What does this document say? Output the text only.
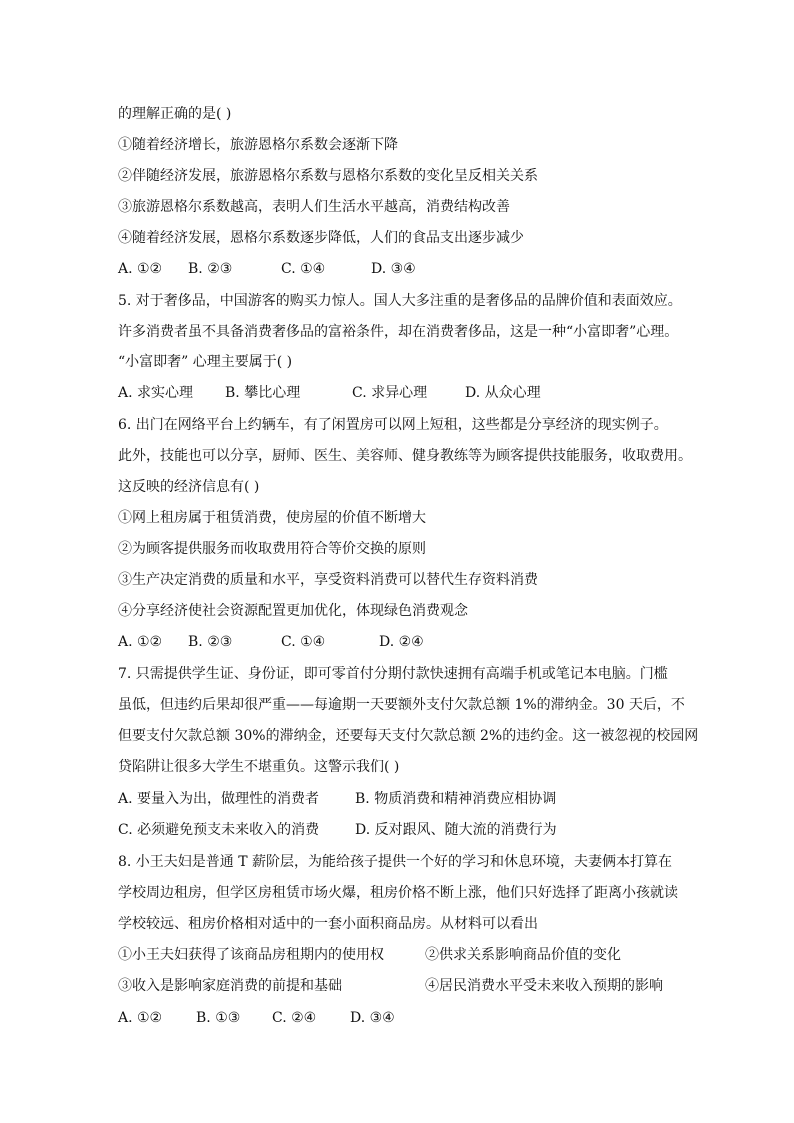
的理解正确的是( )
①随着经济增长，旅游恩格尔系数会逐渐下降
②伴随经济发展，旅游恩格尔系数与恩格尔系数的变化呈反相关关系
③旅游恩格尔系数越高，表明人们生活水平越高，消费结构改善
④随着经济发展，恩格尔系数逐步降低，人们的食品支出逐步减少
A. ①② B. ②③	C. ①④	D. ③④
5. 对于奢侈品，中国游客的购买力惊人。国人大多注重的是奢侈品的品牌价值和表面效应。
许多消费者虽不具备消费奢侈品的富裕条件，却在消费奢侈品，这是一种“小富即奢”心理。
“小富即奢” 心理主要属于( )
A. 求实心理 B. 攀比心理	C. 求异心理	D. 从众心理
6. 出门在网络平台上约辆车，有了闲置房可以网上短租，这些都是分享经济的现实例子。
此外，技能也可以分享，厨师、医生、美容师、健身教练等为顾客提供技能服务，收取费用。
这反映的经济信息有( )
①网上租房属于租赁消费，使房屋的价值不断增大
②为顾客提供服务而收取费用符合等价交换的原则
③生产决定消费的质量和水平，享受资料消费可以替代生存资料消费
④分享经济使社会资源配置更加优化，体现绿色消费观念
A. ①② B. ②③	C. ①④	D. ②④
7. 只需提供学生证、身份证，即可零首付分期付款快速拥有高端手机或笔记本电脑。门槛
虽低，但违约后果却很严重——每逾期一天要额外支付欠款总额 1%的滞纳金。30 天后，不
但要支付欠款总额 30%的滞纳金，还要每天支付欠款总额 2%的违约金。这一被忽视的校园网
贷陷阱让很多大学生不堪重负。这警示我们( )
A. 要量入为出，做理性的消费者	B. 物质消费和精神消费应相协调
C. 必须避免预支未来收入的消费	D. 反对跟风、随大流的消费行为
8. 小王夫妇是普通 T 薪阶层，为能给孩子提供一个好的学习和休息环境，夫妻俩本打算在
学校周边租房，但学区房租赁市场火爆，租房价格不断上涨，他们只好选择了距离小孩就读
学校较远、租房价格相对适中的一套小面积商品房。从材料可以看出
①小王夫妇获得了该商品房租期内的使用权	②供求关系影响商品价值的变化
③收入是影响家庭消费的前提和基础	④居民消费水平受未来收入预期的影响
A. ①② B. ①③ C. ②④ D. ③④
